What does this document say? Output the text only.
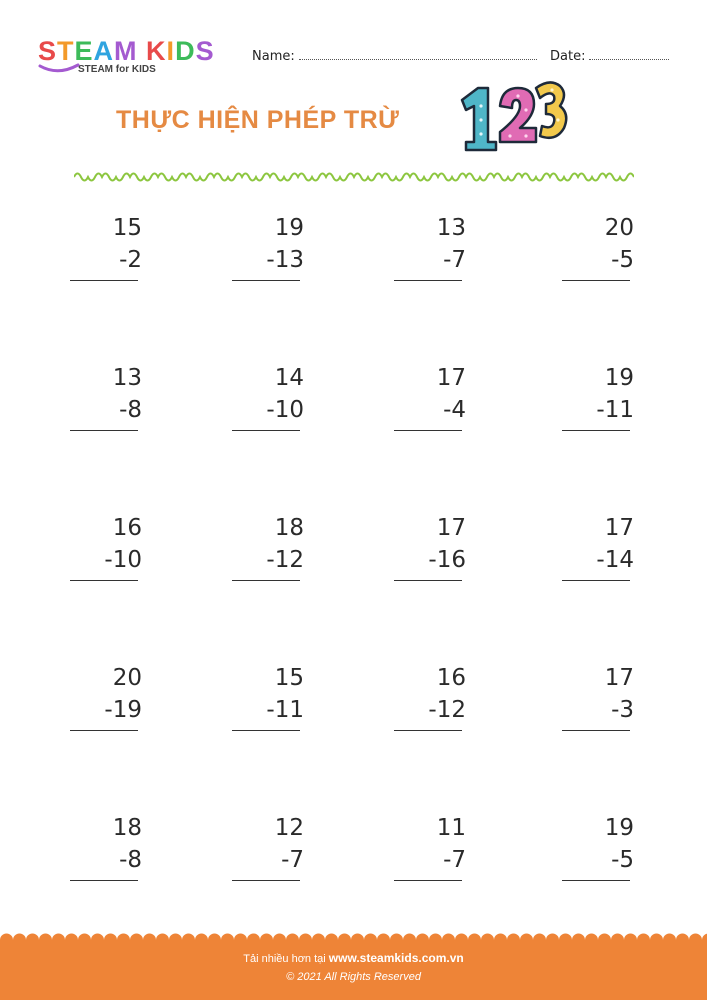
STEAM KIDS
STEAM for KIDS
Name:	Date:
THỰC HIỆN PHÉP TRỪ
15
-2
19
-13
13
-7
20
-5
13
-8
14
-10
17
-4
19
-11
16
-10
18
-12
17
-16
17
-14
20
-19
15
-11
16
-12
17
-3
18
-8
12
-7
11
-7
19
-5
Tải nhiều hơn tại www.steamkids.com.vn
© 2021 All Rights Reserved
